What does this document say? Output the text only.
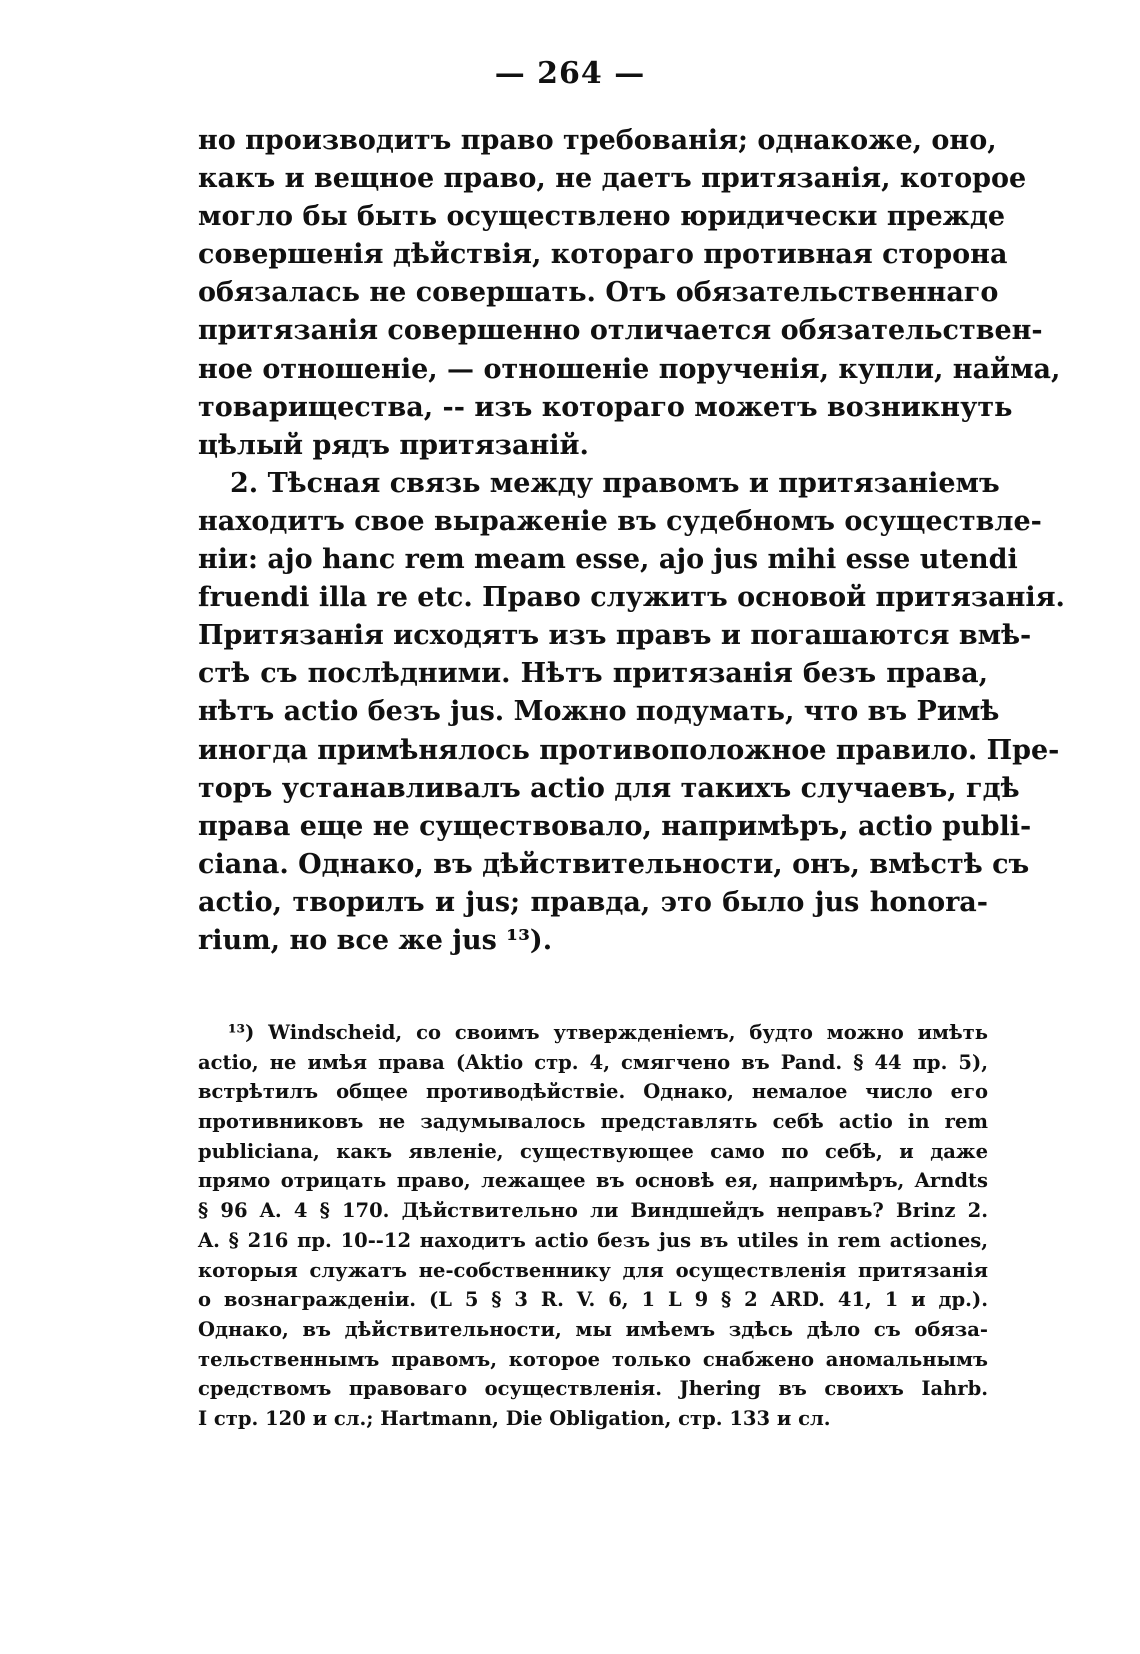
— 264 —
но производитъ право требованія; однакоже, оно,
какъ и вещное право, не даетъ притязанія, которое
могло бы быть осуществлено юридически прежде
совершенія дѣйствія, котораго противная сторона
обязалась не совершать. Отъ обязательственнаго
притязанія совершенно отличается обязательствен-
ное отношеніе, — отношеніе порученія, купли, найма,
товарищества, -- изъ котораго можетъ возникнуть
цѣлый рядъ притязаній.
2. Тѣсная связь между правомъ и притязаніемъ
находитъ свое выраженіе въ судебномъ осуществле-
ніи: ajo hanc rem meam esse, ajo jus mihi esse utendi
fruendi illa re etc. Право служитъ основой притязанія.
Притязанія исходятъ изъ правъ и погашаются вмѣ-
стѣ съ послѣдними. Нѣтъ притязанія безъ права,
нѣтъ actio безъ jus. Можно подумать, что въ Римѣ
иногда примѣнялось противоположное правило. Пре-
торъ устанавливалъ actio для такихъ случаевъ, гдѣ
права еще не существовало, напримѣръ, actio publi-
ciana. Однако, въ дѣйствительности, онъ, вмѣстѣ съ
actio, творилъ и jus; правда, это было jus honora-
rium, но все же jus ¹³).
¹³) Windscheid, со своимъ утвержденіемъ, будто можно имѣть
actio, не имѣя права (Aktio стр. 4, смягчено въ Pand. § 44 пр. 5),
встрѣтилъ общее противодѣйствіе. Однако, немалое число его
противниковъ не задумывалось представлять себѣ actio in rem
publiciana, какъ явленіе, существующее само по себѣ, и даже
прямо отрицать право, лежащее въ основѣ ея, напримѣръ, Arndts
§ 96 A. 4 § 170. Дѣйствительно ли Виндшейдъ неправъ? Brinz 2.
A. § 216 пр. 10--12 находитъ actio безъ jus въ utiles in rem actiones,
которыя служатъ не-собственнику для осуществленія притязанія
о вознагражденіи. (L 5 § 3 R. V. 6, 1 L 9 § 2 ARD. 41, 1 и др.).
Однако, въ дѣйствительности, мы имѣемъ здѣсь дѣло съ обяза-
тельственнымъ правомъ, которое только снабжено аномальнымъ
средствомъ правоваго осуществленія. Jhering въ своихъ Iahrb.
I стр. 120 и сл.; Hartmann, Die Obligation, стр. 133 и сл.
